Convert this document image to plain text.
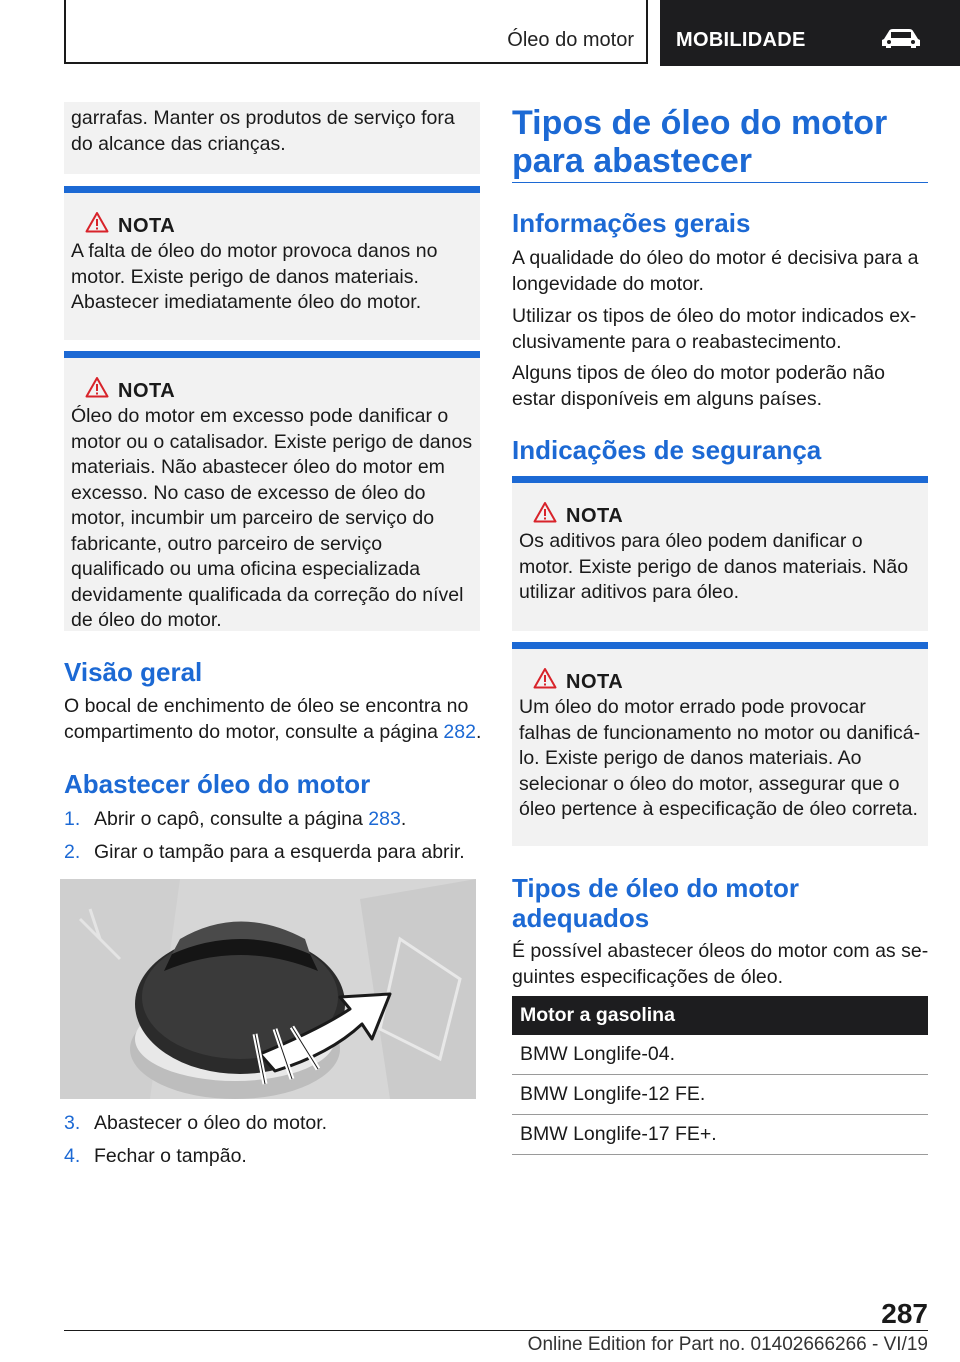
Óleo do motor MOBILIDADE
garrafas. Manter os produtos de serviço fora do alcance das crianças.
NOTA
A falta de óleo do motor provoca danos no motor. Existe perigo de danos materiais. Abastecer imediatamente óleo do motor.
NOTA
Óleo do motor em excesso pode danificar o motor ou o catalisador. Existe perigo de danos materiais. Não abastecer óleo do motor em excesso. No caso de excesso de óleo do motor, incumbir um parceiro de serviço do fabricante, outro parceiro de serviço qualificado ou uma oficina especializada devidamente qualificada da correção do nível de óleo do motor.
Visão geral
O bocal de enchimento de óleo se encontra no compartimento do motor, consulte a página 282.
Abastecer óleo do motor
1. Abrir o capô, consulte a página 283.
2. Girar o tampão para a esquerda para abrir.
3. Abastecer o óleo do motor.
4. Fechar o tampão.
Tipos de óleo do motor
para abastecer
Informações gerais
A qualidade do óleo do motor é decisiva para a longevidade do motor.
Utilizar os tipos de óleo do motor indicados exclusivamente para o reabastecimento.
Alguns tipos de óleo do motor poderão não estar disponíveis em alguns países.
Indicações de segurança
NOTA
Os aditivos para óleo podem danificar o motor. Existe perigo de danos materiais. Não utilizar aditivos para óleo.
NOTA
Um óleo do motor errado pode provocar falhas de funcionamento no motor ou danificá-lo. Existe perigo de danos materiais. Ao selecionar o óleo do motor, assegurar que o óleo pertence à especificação de óleo correta.
Tipos de óleo do motor
adequados
É possível abastecer óleos do motor com as seguintes especificações de óleo.
Motor a gasolina
BMW Longlife-04.
BMW Longlife-12 FE.
BMW Longlife-17 FE+.
287
Online Edition for Part no. 01402666266 - VI/19
